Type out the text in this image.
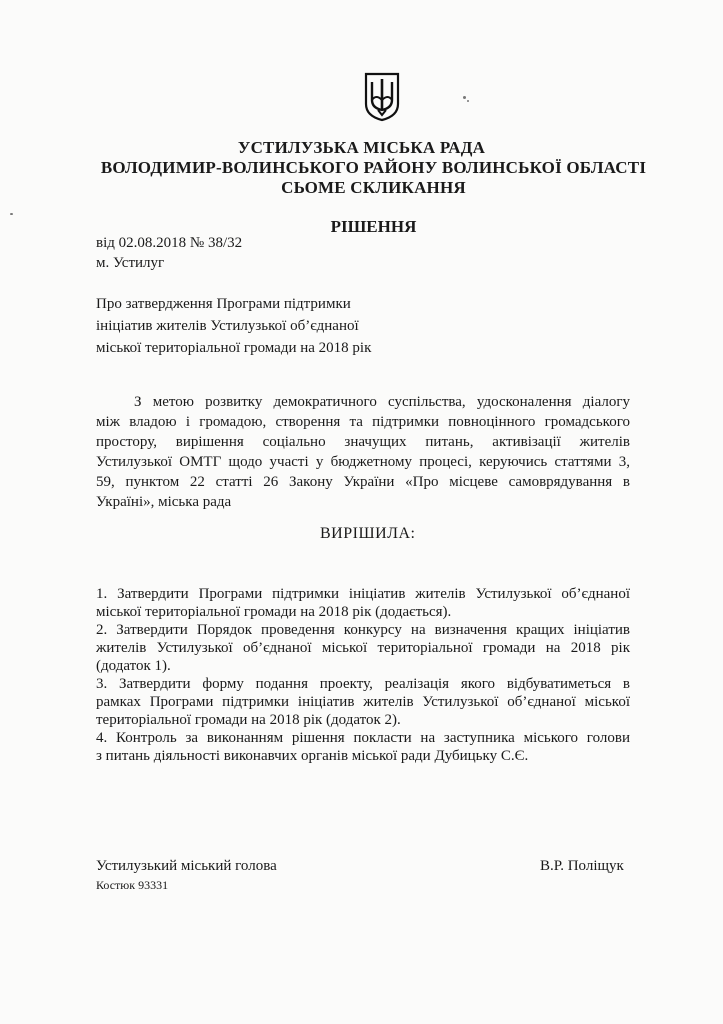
УСТИЛУЗЬКА МІСЬКА РАДА
ВОЛОДИМИР-ВОЛИНСЬКОГО РАЙОНУ ВОЛИНСЬКОЇ ОБЛАСТІ
СЬОМЕ СКЛИКАННЯ
РІШЕННЯ
від 02.08.2018 № 38/32
м. Устилуг
Про затвердження Програми підтримки
ініціатив жителів Устилузької об’єднаної
міської територіальної громади на 2018 рік
З метою розвитку демократичного суспільства, удосконалення діалогу
між владою і громадою, створення та підтримки повноцінного громадського
простору, вирішення соціально значущих питань, активізації жителів
Устилузької ОМТГ щодо участі у бюджетному процесі, керуючись статтями 3,
59, пунктом 22 статті 26 Закону України «Про місцеве самоврядування в
Україні», міська рада
ВИРІШИЛА:
1. Затвердити Програми підтримки ініціатив жителів Устилузької об’єднаної
міської територіальної громади на 2018 рік (додається).
2. Затвердити Порядок проведення конкурсу на визначення кращих ініціатив
жителів Устилузької об’єднаної міської територіальної громади на 2018 рік
(додаток 1).
3. Затвердити форму подання проекту, реалізація якого відбуватиметься в
рамках Програми підтримки ініціатив жителів Устилузької об’єднаної міської
територіальної громади на 2018 рік (додаток 2).
4. Контроль за виконанням рішення покласти на заступника міського голови
з питань діяльності виконавчих органів міської ради Дубицьку С.Є.
Устилузький міський голова	В.Р. Поліщук
Костюк 93331
